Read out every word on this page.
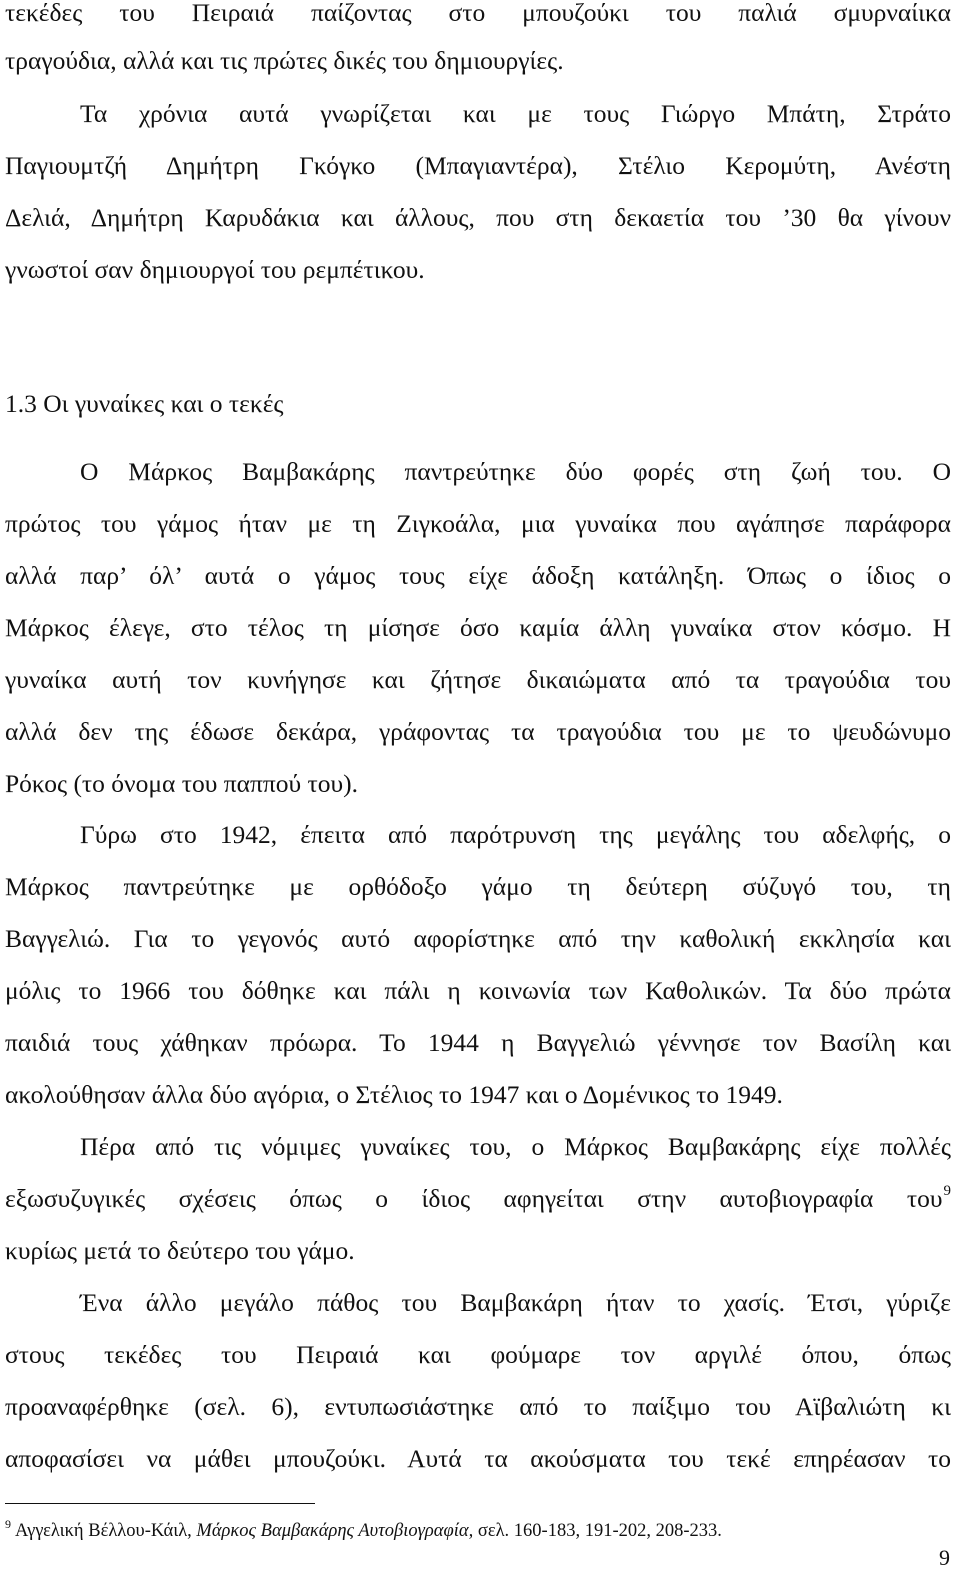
τεκέδες του Πειραιά παίζοντας στο μπουζούκι του παλιά σμυρναίικα
τραγούδια, αλλά και τις πρώτες δικές του δημιουργίες.
Τα χρόνια αυτά γνωρίζεται και με τους Γιώργο Μπάτη, Στράτο
Παγιουμτζή Δημήτρη Γκόγκο (Μπαγιαντέρα), Στέλιο Κερομύτη, Ανέστη
Δελιά, Δημήτρη Καρυδάκια και άλλους, που στη δεκαετία του ’30 θα γίνουν
γνωστοί σαν δημιουργοί του ρεμπέτικου.
1.3 Οι γυναίκες και ο τεκές
Ο Μάρκος Βαμβακάρης παντρεύτηκε δύο φορές στη ζωή του. Ο
πρώτος του γάμος ήταν με τη Ζιγκοάλα, μια γυναίκα που αγάπησε παράφορα
αλλά παρ’ όλ’ αυτά ο γάμος τους είχε άδοξη κατάληξη. Όπως ο ίδιος ο
Μάρκος έλεγε, στο τέλος τη μίσησε όσο καμία άλλη γυναίκα στον κόσμο. Η
γυναίκα αυτή τον κυνήγησε και ζήτησε δικαιώματα από τα τραγούδια του
αλλά δεν της έδωσε δεκάρα, γράφοντας τα τραγούδια του με το ψευδώνυμο
Ρόκος (το όνομα του παππού του).
Γύρω στο 1942, έπειτα από παρότρυνση της μεγάλης του αδελφής, ο
Μάρκος παντρεύτηκε με ορθόδοξο γάμο τη δεύτερη σύζυγό του, τη
Βαγγελιώ. Για το γεγονός αυτό αφορίστηκε από την καθολική εκκλησία και
μόλις το 1966 του δόθηκε και πάλι η κοινωνία των Καθολικών. Τα δύο πρώτα
παιδιά τους χάθηκαν πρόωρα. Το 1944 η Βαγγελιώ γέννησε τον Βασίλη και
ακολούθησαν άλλα δύο αγόρια, ο Στέλιος το 1947 και ο Δομένικος το 1949.
Πέρα από τις νόμιμες γυναίκες του, ο Μάρκος Βαμβακάρης είχε πολλές
εξωσυζυγικές σχέσεις όπως ο ίδιος αφηγείται στην αυτοβιογραφία του$^9$
κυρίως μετά το δεύτερο του γάμο.
Ένα άλλο μεγάλο πάθος του Βαμβακάρη ήταν το χασίς. Έτσι, γύριζε
στους τεκέδες του Πειραιά και φούμαρε τον αργιλέ όπου, όπως
προαναφέρθηκε (σελ. 6), εντυπωσιάστηκε από το παίξιμο του Αϊβαλιώτη κι
αποφασίσει να μάθει μπουζούκι. Αυτά τα ακούσματα του τεκέ επηρέασαν το
$^9$ Αγγελική Βέλλου-Κάιλ, Μάρκος Βαμβακάρης Αυτοβιογραφία, σελ. 160-183, 191-202, 208-233.
9
